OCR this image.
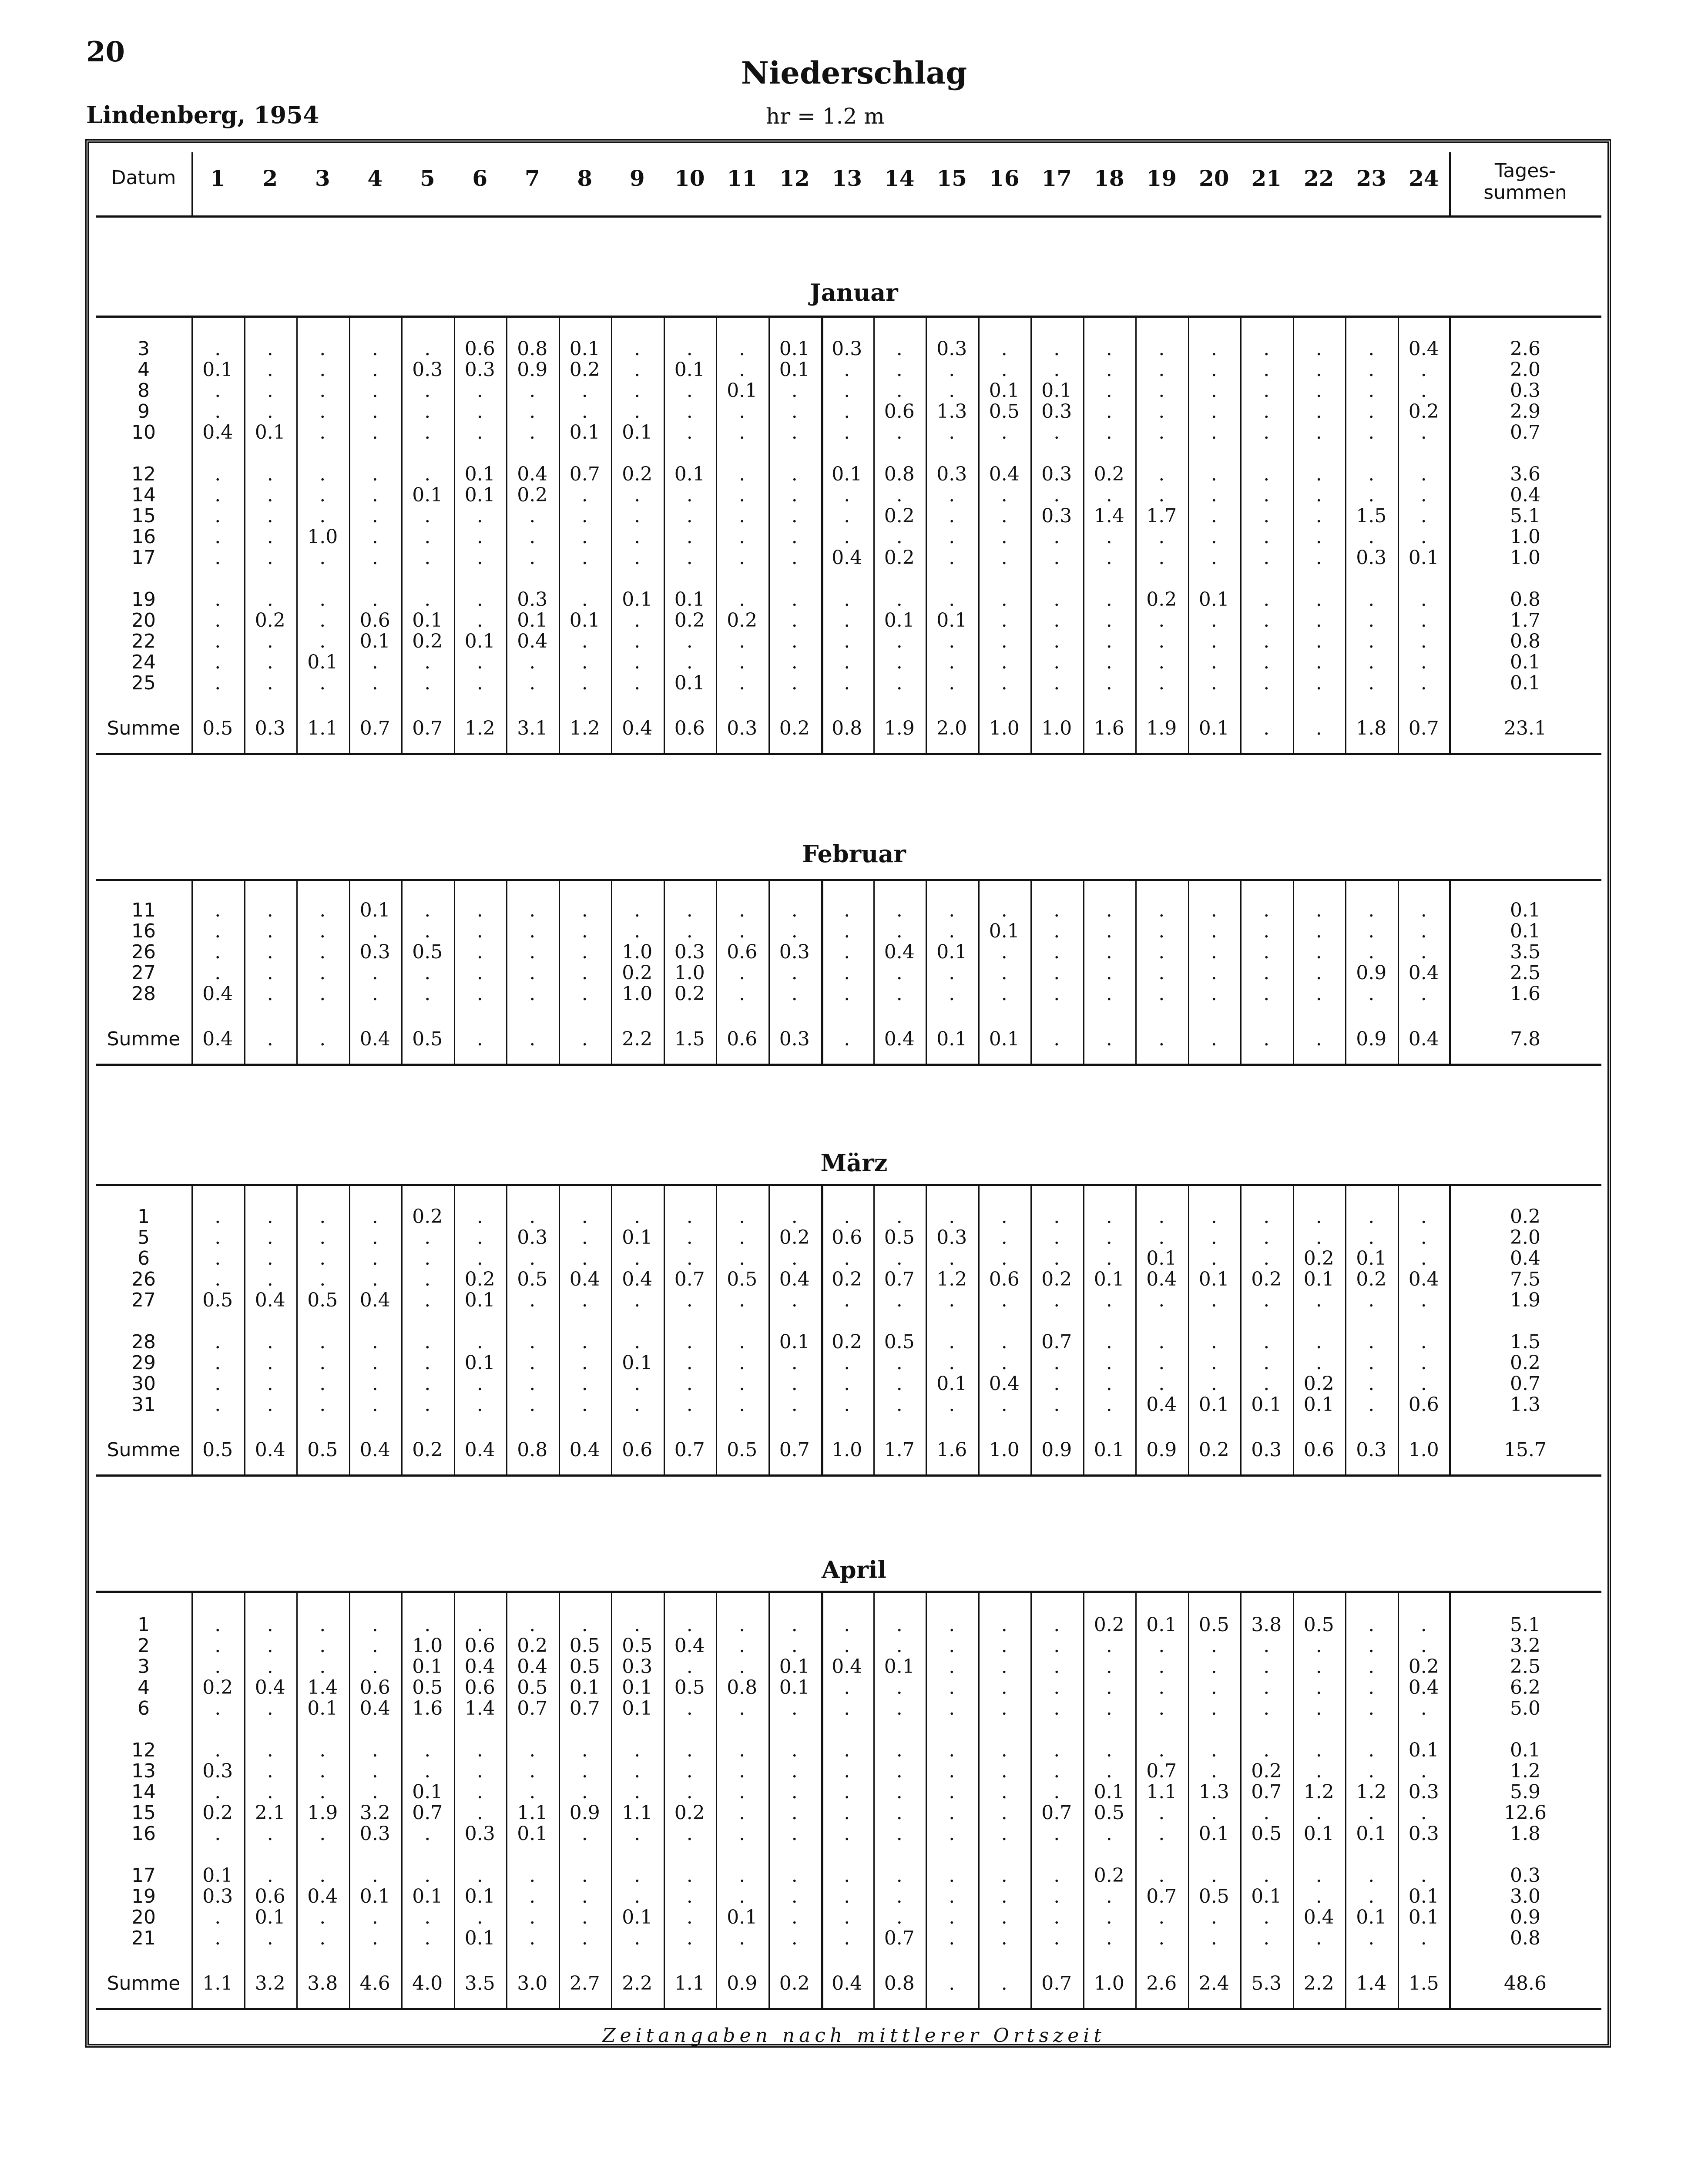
20
Niederschlag
Lindenberg, 1954	hr = 1.2 m
Datum	1	2	3	4	5	6	7	8	9	10	11	12	13	14	15	16	17	18	19	20	21	22	23	24	Tages-
summen
Januar
3	.	.	.	.	.	0.6	0.8	0.1	.	.	.	0.1	0.3	.	0.3	.	.	.	.	.	.	.	.	0.4	2.6
4	0.1	.	.	.	0.3	0.3	0.9	0.2	.	0.1	.	0.1	.	.	.	.	.	.	.	.	.	.	.	.	2.0
8	.	.	.	.	.	.	.	.	.	.	0.1	.	.	.	.	0.1	0.1	.	.	.	.	.	.	.	0.3
9	.	.	.	.	.	.	.	.	.	.	.	.	.	0.6	1.3	0.5	0.3	.	.	.	.	.	.	0.2	2.9
10	0.4	0.1	.	.	.	.	.	0.1	0.1	.	.	.	.	.	.	.	.	.	.	.	.	.	.	.	0.7
12	.	.	.	.	.	0.1	0.4	0.7	0.2	0.1	.	.	0.1	0.8	0.3	0.4	0.3	0.2	.	.	.	.	.	.	3.6
14	.	.	.	.	0.1	0.1	0.2	.	.	.	.	.	.	.	.	.	.	.	.	.	.	.	.	.	0.4
15	.	.	.	.	.	.	.	.	.	.	.	.	.	0.2	.	.	0.3	1.4	1.7	.	.	.	1.5	.	5.1
16	.	.	1.0	.	.	.	.	.	.	.	.	.	.	.	.	.	.	.	.	.	.	.	.	.	1.0
17	.	.	.	.	.	.	.	.	.	.	.	.	0.4	0.2	.	.	.	.	.	.	.	.	0.3	0.1	1.0
19	.	.	.	.	.	.	0.3	.	0.1	0.1	.	.	.	.	.	.	.	.	0.2	0.1	.	.	.	.	0.8
20	.	0.2	.	0.6	0.1	.	0.1	0.1	.	0.2	0.2	.	.	0.1	0.1	.	.	.	.	.	.	.	.	.	1.7
22	.	.	.	0.1	0.2	0.1	0.4	.	.	.	.	.	.	.	.	.	.	.	.	.	.	.	.	.	0.8
24	.	.	0.1	.	.	.	.	.	.	.	.	.	.	.	.	.	.	.	.	.	.	.	.	.	0.1
25	.	.	.	.	.	.	.	.	.	0.1	.	.	.	.	.	.	.	.	.	.	.	.	.	.	0.1
Summe	0.5	0.3	1.1	0.7	0.7	1.2	3.1	1.2	0.4	0.6	0.3	0.2	0.8	1.9	2.0	1.0	1.0	1.6	1.9	0.1	.	.	1.8	0.7	23.1
Februar
11	.	.	.	0.1	.	.	.	.	.	.	.	.	.	.	.	.	.	.	.	.	.	.	.	.	0.1
16	.	.	.	.	.	.	.	.	.	.	.	.	.	.	.	0.1	.	.	.	.	.	.	.	.	0.1
26	.	.	.	0.3	0.5	.	.	.	1.0	0.3	0.6	0.3	.	0.4	0.1	.	.	.	.	.	.	.	.	.	3.5
27	.	.	.	.	.	.	.	.	0.2	1.0	.	.	.	.	.	.	.	.	.	.	.	.	0.9	0.4	2.5
28	0.4	.	.	.	.	.	.	.	1.0	0.2	.	.	.	.	.	.	.	.	.	.	.	.	.	.	1.6
Summe	0.4	.	.	0.4	0.5	.	.	.	2.2	1.5	0.6	0.3	.	0.4	0.1	0.1	.	.	.	.	.	.	0.9	0.4	7.8
März
1	.	.	.	.	0.2	.	.	.	.	.	.	.	.	.	.	.	.	.	.	.	.	.	.	.	0.2
5	.	.	.	.	.	.	0.3	.	0.1	.	.	0.2	0.6	0.5	0.3	.	.	.	.	.	.	.	.	.	2.0
6	.	.	.	.	.	.	.	.	.	.	.	.	.	.	.	.	.	.	0.1	.	.	0.2	0.1	.	0.4
26	.	.	.	.	.	0.2	0.5	0.4	0.4	0.7	0.5	0.4	0.2	0.7	1.2	0.6	0.2	0.1	0.4	0.1	0.2	0.1	0.2	0.4	7.5
27	0.5	0.4	0.5	0.4	.	0.1	.	.	.	.	.	.	.	.	.	.	.	.	.	.	.	.	.	.	1.9
28	.	.	.	.	.	.	.	.	.	.	.	0.1	0.2	0.5	.	.	0.7	.	.	.	.	.	.	.	1.5
29	.	.	.	.	.	0.1	.	.	0.1	.	.	.	.	.	.	.	.	.	.	.	.	.	.	.	0.2
30	.	.	.	.	.	.	.	.	.	.	.	.	.	.	0.1	0.4	.	.	.	.	.	0.2	.	.	0.7
31	.	.	.	.	.	.	.	.	.	.	.	.	.	.	.	.	.	.	0.4	0.1	0.1	0.1	.	0.6	1.3
Summe	0.5	0.4	0.5	0.4	0.2	0.4	0.8	0.4	0.6	0.7	0.5	0.7	1.0	1.7	1.6	1.0	0.9	0.1	0.9	0.2	0.3	0.6	0.3	1.0	15.7
April
1	.	.	.	.	.	.	.	.	.	.	.	.	.	.	.	.	.	0.2	0.1	0.5	3.8	0.5	.	.	5.1
2	.	.	.	.	1.0	0.6	0.2	0.5	0.5	0.4	.	.	.	.	.	.	.	.	.	.	.	.	.	.	3.2
3	.	.	.	.	0.1	0.4	0.4	0.5	0.3	.	.	0.1	0.4	0.1	.	.	.	.	.	.	.	.	.	0.2	2.5
4	0.2	0.4	1.4	0.6	0.5	0.6	0.5	0.1	0.1	0.5	0.8	0.1	.	.	.	.	.	.	.	.	.	.	.	0.4	6.2
6	.	.	0.1	0.4	1.6	1.4	0.7	0.7	0.1	.	.	.	.	.	.	.	.	.	.	.	.	.	.	.	5.0
12	.	.	.	.	.	.	.	.	.	.	.	.	.	.	.	.	.	.	.	.	.	.	.	0.1	0.1
13	0.3	.	.	.	.	.	.	.	.	.	.	.	.	.	.	.	.	.	0.7	.	0.2	.	.	.	1.2
14	.	.	.	.	0.1	.	.	.	.	.	.	.	.	.	.	.	.	0.1	1.1	1.3	0.7	1.2	1.2	0.3	5.9
15	0.2	2.1	1.9	3.2	0.7	.	1.1	0.9	1.1	0.2	.	.	.	.	.	.	0.7	0.5	.	.	.	.	.	.	12.6
16	.	.	.	0.3	.	0.3	0.1	.	.	.	.	.	.	.	.	.	.	.	.	0.1	0.5	0.1	0.1	0.3	1.8
17	0.1	.	.	.	.	.	.	.	.	.	.	.	.	.	.	.	.	0.2	.	.	.	.	.	.	0.3
19	0.3	0.6	0.4	0.1	0.1	0.1	.	.	.	.	.	.	.	.	.	.	.	.	0.7	0.5	0.1	.	.	0.1	3.0
20	.	0.1	.	.	.	.	.	.	0.1	.	0.1	.	.	.	.	.	.	.	.	.	.	0.4	0.1	0.1	0.9
21	.	.	.	.	.	0.1	.	.	.	.	.	.	.	0.7	.	.	.	.	.	.	.	.	.	.	0.8
Summe	1.1	3.2	3.8	4.6	4.0	3.5	3.0	2.7	2.2	1.1	0.9	0.2	0.4	0.8	.	.	0.7	1.0	2.6	2.4	5.3	2.2	1.4	1.5	48.6
Zeitangaben nach mittlerer Ortszeit
